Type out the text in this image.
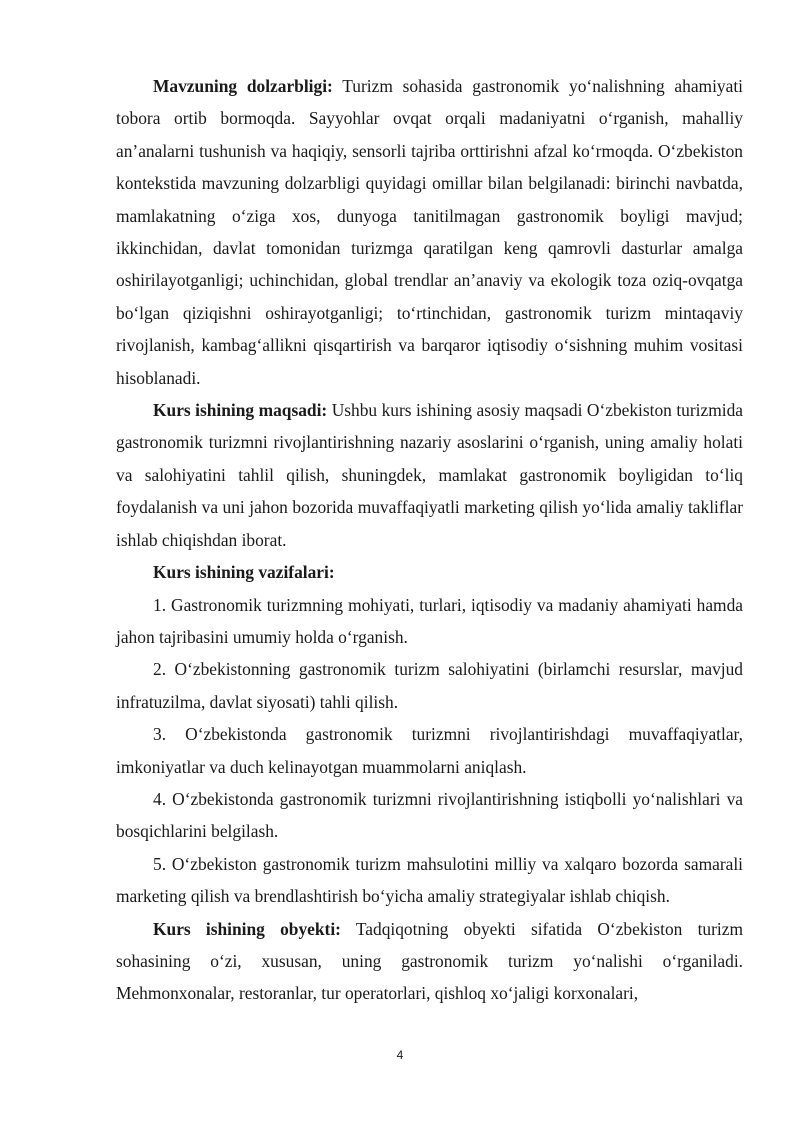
Mavzuning dolzarbligi: Turizm sohasida gastronomik yo‘nalishning ahamiyati tobora ortib bormoqda. Sayyohlar ovqat orqali madaniyatni o‘rganish, mahalliy an’analarni tushunish va haqiqiy, sensorli tajriba orttirishni afzal ko‘rmoqda. O‘zbekiston kontekstida mavzuning dolzarbligi quyidagi omillar bilan belgilanadi: birinchi navbatda, mamlakatning o‘ziga xos, dunyoga tanitilmagan gastronomik boyligi mavjud; ikkinchidan, davlat tomonidan turizmga qaratilgan keng qamrovli dasturlar amalga oshirilayotganligi; uchinchidan, global trendlar an’anaviy va ekologik toza oziq-ovqatga bo‘lgan qiziqishni oshirayotganligi; to‘rtinchidan, gastronomik turizm mintaqaviy rivojlanish, kambag‘allikni qisqartirish va barqaror iqtisodiy o‘sishning muhim vositasi hisoblanadi.

Kurs ishining maqsadi: Ushbu kurs ishining asosiy maqsadi O‘zbekiston turizmida gastronomik turizmni rivojlantirishning nazariy asoslarini o‘rganish, uning amaliy holati va salohiyatini tahlil qilish, shuningdek, mamlakat gastronomik boyligidan to‘liq foydalanish va uni jahon bozorida muvaffaqiyatli marketing qilish yo‘lida amaliy takliflar ishlab chiqishdan iborat.

Kurs ishining vazifalari:

1. Gastronomik turizmning mohiyati, turlari, iqtisodiy va madaniy ahamiyati hamda jahon tajribasini umumiy holda o‘rganish.

2. O‘zbekistonning gastronomik turizm salohiyatini (birlamchi resurslar, mavjud infratuzilma, davlat siyosati) tahli qilish.

3. O‘zbekistonda gastronomik turizmni rivojlantirishdagi muvaffaqiyatlar, imkoniyatlar va duch kelinayotgan muammolarni aniqlash.

4. O‘zbekistonda gastronomik turizmni rivojlantirishning istiqbolli yo‘nalishlari va bosqichlarini belgilash.

5. O‘zbekiston gastronomik turizm mahsulotini milliy va xalqaro bozorda samarali marketing qilish va brendlashtirish bo‘yicha amaliy strategiyalar ishlab chiqish.

Kurs ishining obyekti: Tadqiqotning obyekti sifatida O‘zbekiston turizm sohasining o‘zi, xususan, uning gastronomik turizm yo‘nalishi o‘rganiladi. Mehmonxonalar, restoranlar, tur operatorlari, qishloq xo‘jaligi korxonalari,

4
